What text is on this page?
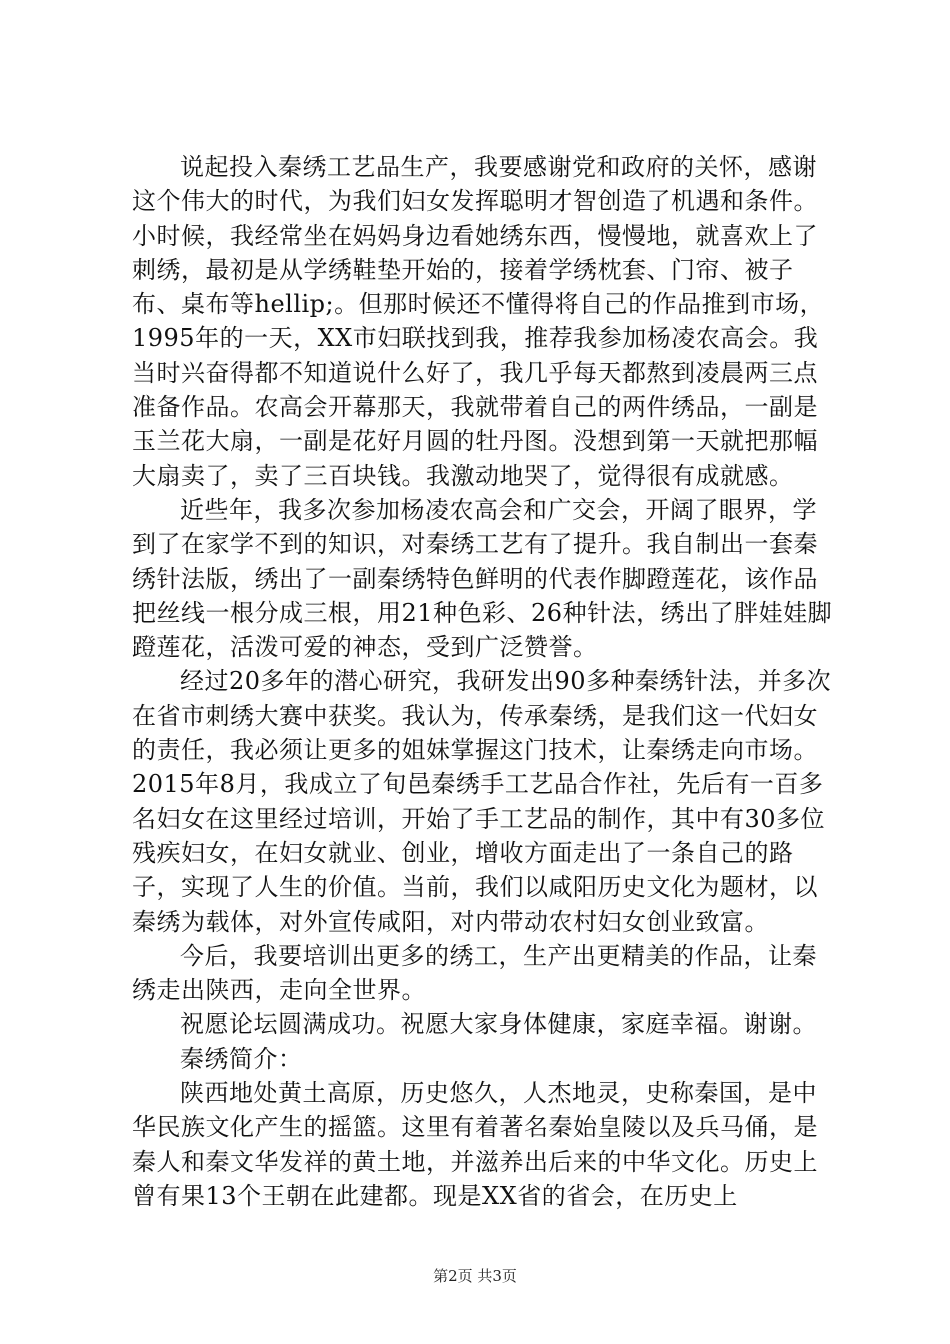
说起投入秦绣工艺品生产，我要感谢党和政府的关怀，感谢这个伟大的时代，为我们妇女发挥聪明才智创造了机遇和条件。小时候，我经常坐在妈妈身边看她绣东西，慢慢地，就喜欢上了刺绣，最初是从学绣鞋垫开始的，接着学绣枕套、门帘、被子布、桌布等hellip;。但那时候还不懂得将自己的作品推到市场，1995年的一天，XX市妇联找到我，推荐我参加杨凌农高会。我当时兴奋得都不知道说什么好了，我几乎每天都熬到凌晨两三点准备作品。农高会开幕那天，我就带着自己的两件绣品，一副是玉兰花大扇，一副是花好月圆的牡丹图。没想到第一天就把那幅大扇卖了，卖了三百块钱。我激动地哭了，觉得很有成就感。

近些年，我多次参加杨凌农高会和广交会，开阔了眼界，学到了在家学不到的知识，对秦绣工艺有了提升。我自制出一套秦绣针法版，绣出了一副秦绣特色鲜明的代表作脚蹬莲花，该作品把丝线一根分成三根，用21种色彩、26种针法，绣出了胖娃娃脚蹬莲花，活泼可爱的神态，受到广泛赞誉。

经过20多年的潜心研究，我研发出90多种秦绣针法，并多次在省市刺绣大赛中获奖。我认为，传承秦绣，是我们这一代妇女的责任，我必须让更多的姐妹掌握这门技术，让秦绣走向市场。2015年8月，我成立了旬邑秦绣手工艺品合作社，先后有一百多名妇女在这里经过培训，开始了手工艺品的制作，其中有30多位残疾妇女，在妇女就业、创业，增收方面走出了一条自己的路子，实现了人生的价值。当前，我们以咸阳历史文化为题材，以秦绣为载体，对外宣传咸阳，对内带动农村妇女创业致富。

今后，我要培训出更多的绣工，生产出更精美的作品，让秦绣走出陕西，走向全世界。

祝愿论坛圆满成功。祝愿大家身体健康，家庭幸福。谢谢。

秦绣简介：

陕西地处黄土高原，历史悠久，人杰地灵，史称秦国，是中华民族文化产生的摇篮。这里有着著名秦始皇陵以及兵马俑，是秦人和秦文华发祥的黄土地，并滋养出后来的中华文化。历史上曾有果13个王朝在此建都。现是XX省的省会，在历史上

第2页 共3页
